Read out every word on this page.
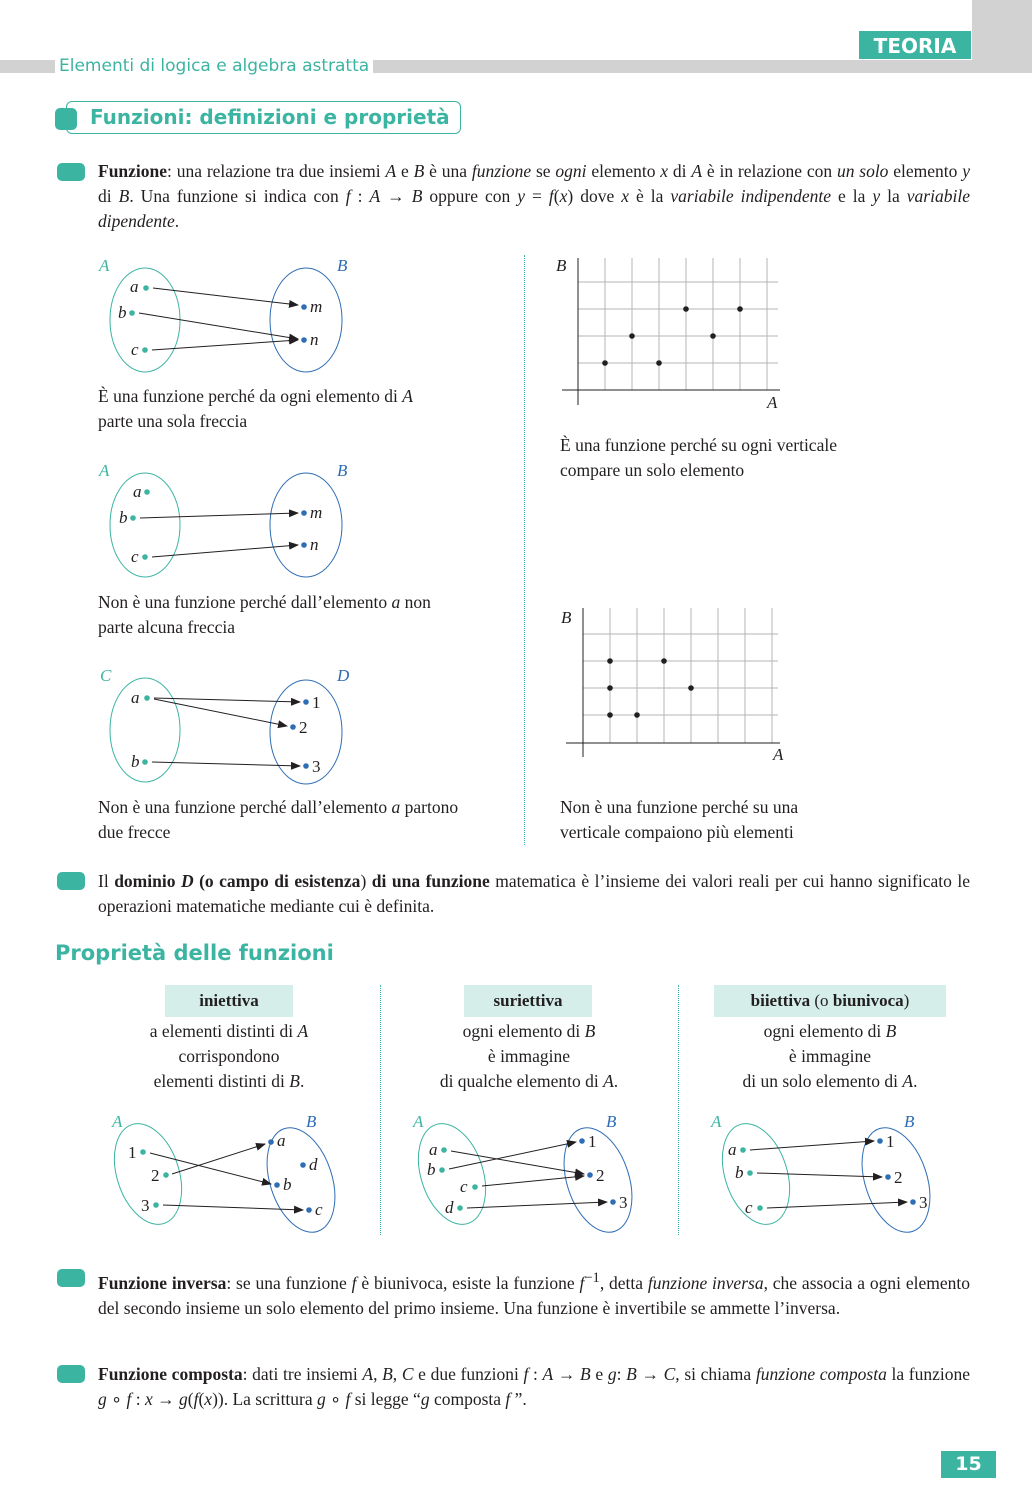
TEORIA
Elementi di logica e algebra astratta
Funzioni: definizioni e proprietà
Funzione: una relazione tra due insiemi A e B è una funzione se ogni elemento x di A è in relazione con un solo elemento y di B. Una funzione si indica con f : A → B oppure con y = f(x) dove x è la variabile indipendente e la y la variabile dipendente.
A	B
a
b
c
m
n
A	B
a
b
c
m
n
C	D
a
b
1
2
3
B
A
B
A
A	B
1
2
3
a
d
b
c
A	B
a
b
c
d
1
2
3
A	B
a
b
c
1
2
3
È una funzione perché da ogni elemento di A parte una sola freccia
Non è una funzione perché dall’elemento a non parte alcuna freccia
Non è una funzione perché dall’elemento a partono due frecce
È una funzione perché su ogni verticale compare un solo elemento
Non è una funzione perché su una verticale compaiono più elementi
Il dominio D (o campo di esistenza) di una funzione matematica è l’insieme dei valori reali per cui hanno significato le operazioni matematiche mediante cui è definita.
Proprietà delle funzioni
iniettiva	suriettiva	biiettiva (o biunivoca)
a elementi distinti di A
corrispondono
elementi distinti di B.
ogni elemento di B
è immagine
di qualche elemento di A.
ogni elemento di B
è immagine
di un solo elemento di A.
Funzione inversa: se una funzione f è biunivoca, esiste la funzione $f^{-1}$, detta funzione inversa, che associa a ogni elemento del secondo insieme un solo elemento del primo insieme. Una funzione è invertibile se ammette l’inversa.
Funzione composta: dati tre insiemi A, B, C e due funzioni f : A → B e g: B → C, si chiama funzione composta la funzione g ∘ f : x → g(f(x)). La scrittura g ∘ f si legge “g composta f ”.
15
